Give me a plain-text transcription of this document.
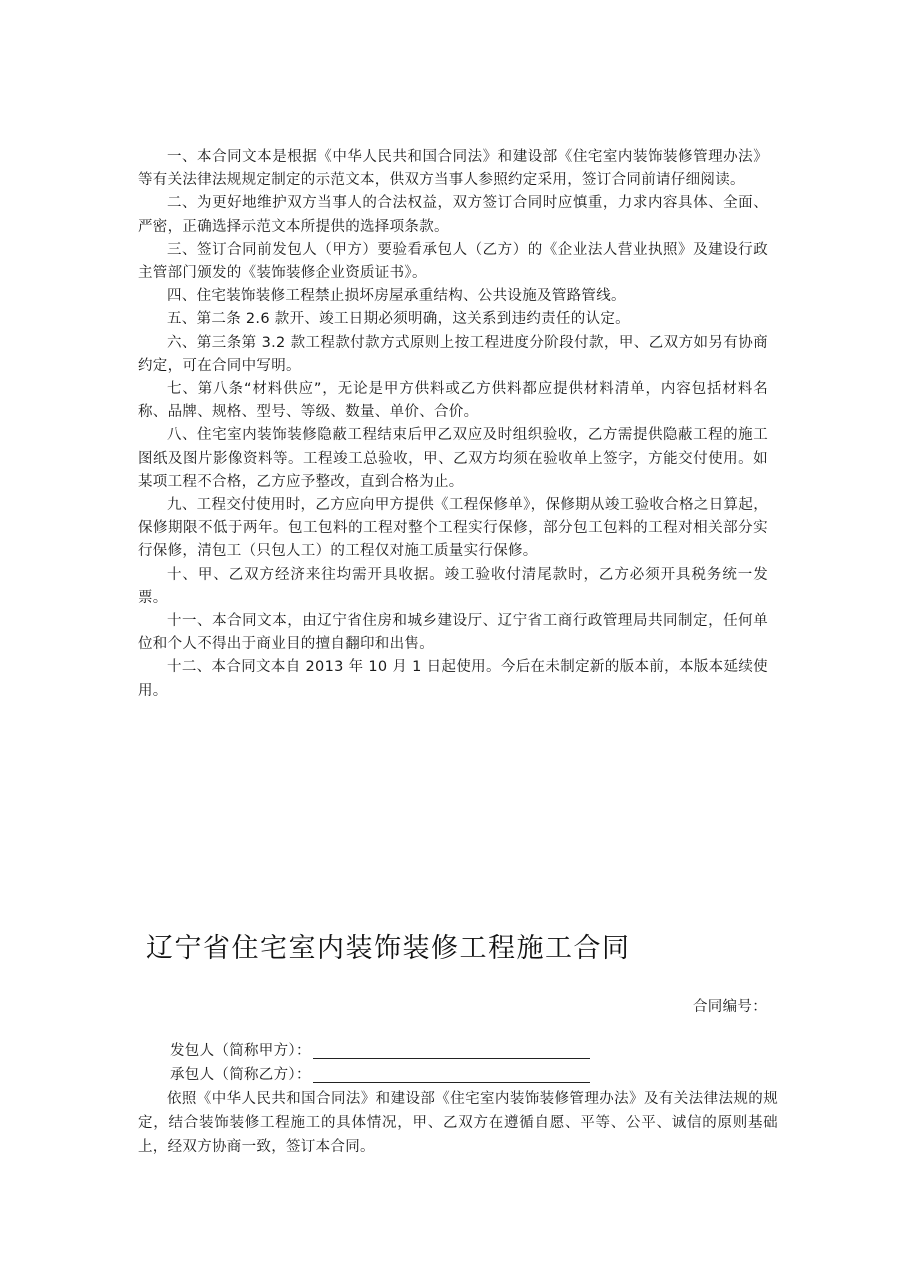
一、本合同文本是根据《中华人民共和国合同法》和建设部《住宅室内装饰装修管理办法》等有关法律法规规定制定的示范文本，供双方当事人参照约定采用，签订合同前请仔细阅读。

二、为更好地维护双方当事人的合法权益，双方签订合同时应慎重，力求内容具体、全面、严密，正确选择示范文本所提供的选择项条款。

三、签订合同前发包人（甲方）要验看承包人（乙方）的《企业法人营业执照》及建设行政主管部门颁发的《装饰装修企业资质证书》。

四、住宅装饰装修工程禁止损坏房屋承重结构、公共设施及管路管线。

五、第二条 2.6 款开、竣工日期必须明确，这关系到违约责任的认定。

六、第三条第 3.2 款工程款付款方式原则上按工程进度分阶段付款，甲、乙双方如另有协商约定，可在合同中写明。

七、第八条“材料供应”，无论是甲方供料或乙方供料都应提供材料清单，内容包括材料名称、品牌、规格、型号、等级、数量、单价、合价。

八、住宅室内装饰装修隐蔽工程结束后甲乙双应及时组织验收，乙方需提供隐蔽工程的施工图纸及图片影像资料等。工程竣工总验收，甲、乙双方均须在验收单上签字，方能交付使用。如某项工程不合格，乙方应予整改，直到合格为止。

九、工程交付使用时，乙方应向甲方提供《工程保修单》，保修期从竣工验收合格之日算起，保修期限不低于两年。包工包料的工程对整个工程实行保修，部分包工包料的工程对相关部分实行保修，清包工（只包人工）的工程仅对施工质量实行保修。

十、甲、乙双方经济来往均需开具收据。竣工验收付清尾款时，乙方必须开具税务统一发票。

十一、本合同文本，由辽宁省住房和城乡建设厅、辽宁省工商行政管理局共同制定，任何单位和个人不得出于商业目的擅自翻印和出售。

十二、本合同文本自 2013 年 10 月 1 日起使用。今后在未制定新的版本前，本版本延续使用。

辽宁省住宅室内装饰装修工程施工合同

合同编号：

发包人（简称甲方）：

承包人（简称乙方）：

依照《中华人民共和国合同法》和建设部《住宅室内装饰装修管理办法》及有关法律法规的规定，结合装饰装修工程施工的具体情况，甲、乙双方在遵循自愿、平等、公平、诚信的原则基础上，经双方协商一致，签订本合同。
